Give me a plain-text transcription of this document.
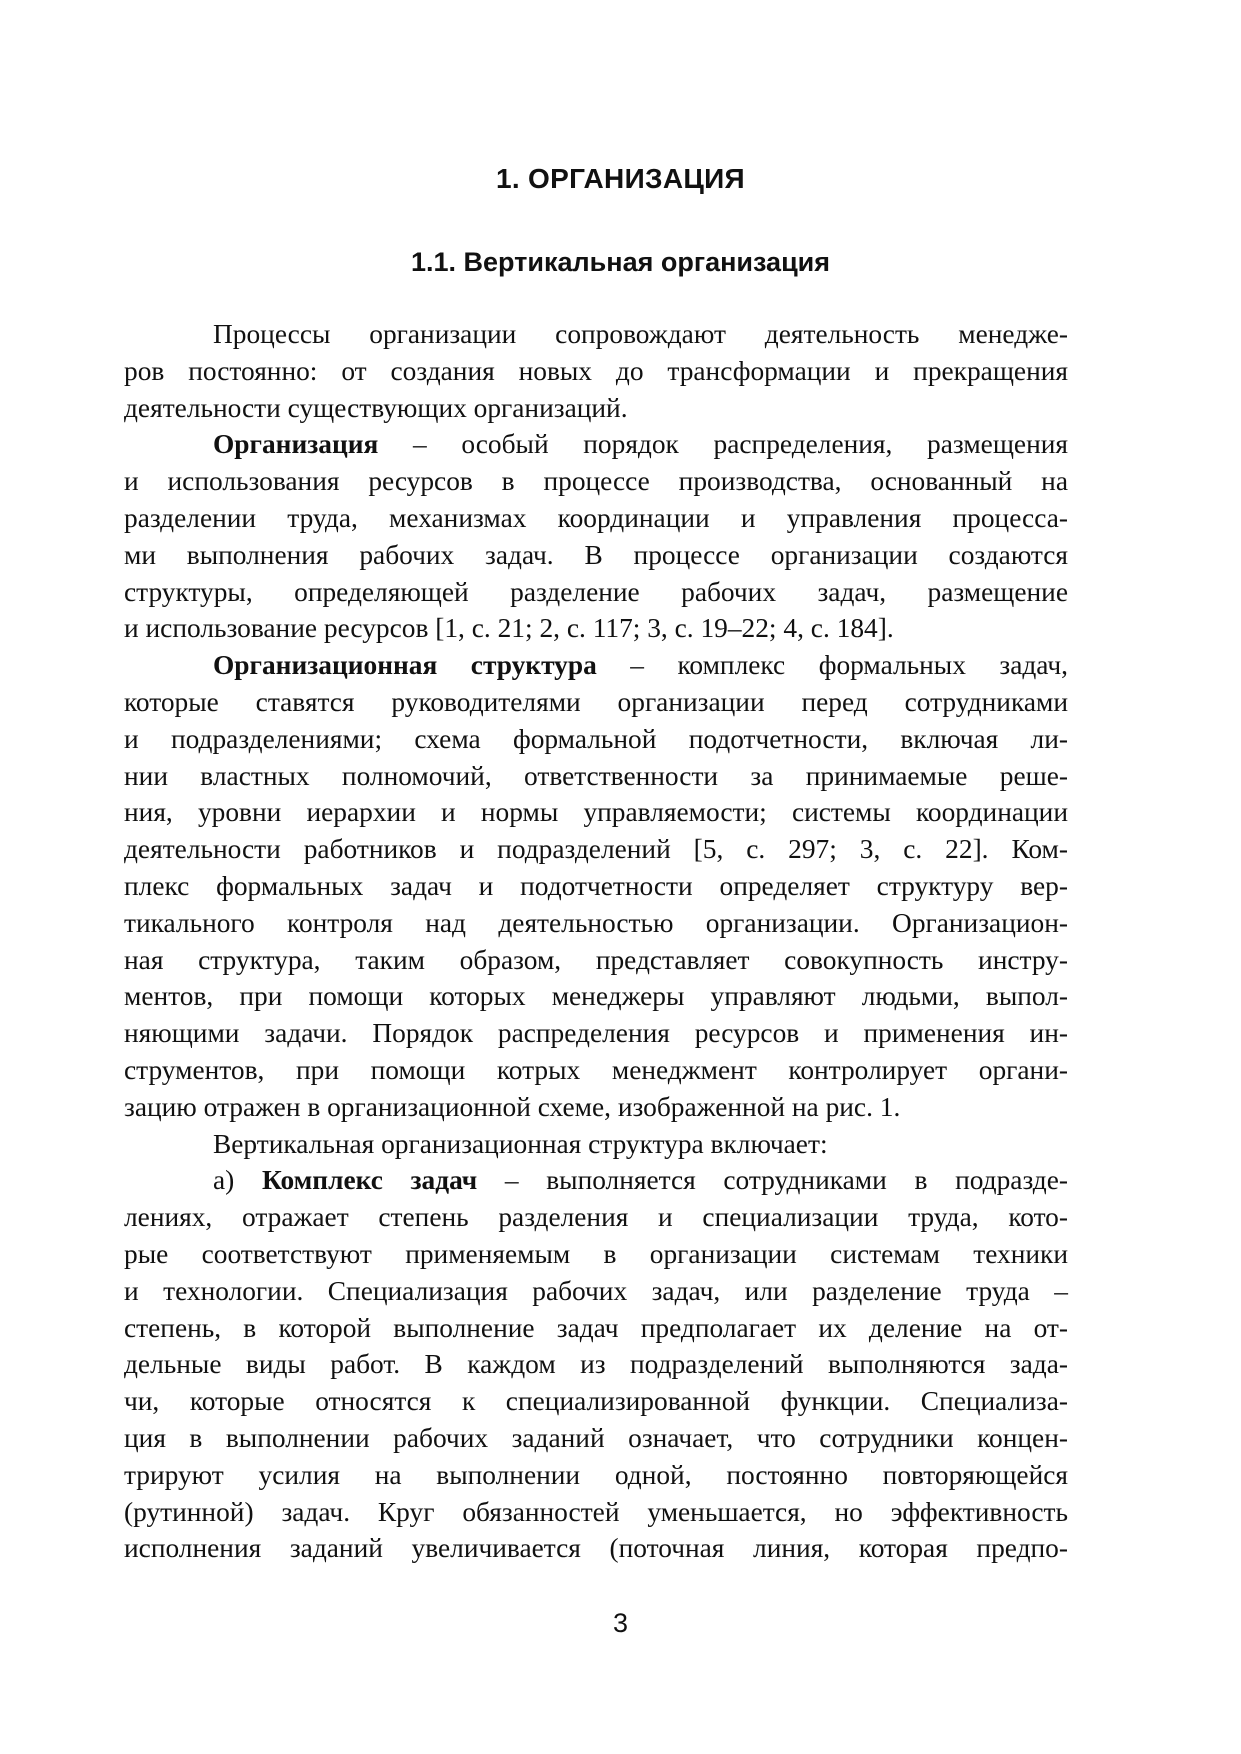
1. ОРГАНИЗАЦИЯ
1.1. Вертикальная организация
Процессы организации сопровождают деятельность менедже-
ров постоянно: от создания новых до трансформации и прекращения
деятельности существующих организаций.
Организация – особый порядок распределения, размещения
и использования ресурсов в процессе производства, основанный на
разделении труда, механизмах координации и управления процесса-
ми выполнения рабочих задач. В процессе организации создаются
структуры, определяющей разделение рабочих задач, размещение
и использование ресурсов [1, с. 21; 2, с. 117; 3, с. 19–22; 4, с. 184].
Организационная структура – комплекс формальных задач,
которые ставятся руководителями организации перед сотрудниками
и подразделениями; схема формальной подотчетности, включая ли-
нии властных полномочий, ответственности за принимаемые реше-
ния, уровни иерархии и нормы управляемости; системы координации
деятельности работников и подразделений [5, с. 297; 3, с. 22]. Ком-
плекс формальных задач и подотчетности определяет структуру вер-
тикального контроля над деятельностью организации. Организацион-
ная структура, таким образом, представляет совокупность инстру-
ментов, при помощи которых менеджеры управляют людьми, выпол-
няющими задачи. Порядок распределения ресурсов и применения ин-
струментов, при помощи котрых менеджмент контролирует органи-
зацию отражен в организационной схеме, изображенной на рис. 1.
Вертикальная организационная структура включает:
а) Комплекс задач – выполняется сотрудниками в подразде-
лениях, отражает степень разделения и специализации труда, кото-
рые соответствуют применяемым в организации системам техники
и технологии. Специализация рабочих задач, или разделение труда –
степень, в которой выполнение задач предполагает их деление на от-
дельные виды работ. В каждом из подразделений выполняются зада-
чи, которые относятся к специализированной функции. Специализа-
ция в выполнении рабочих заданий означает, что сотрудники концен-
трируют усилия на выполнении одной, постоянно повторяющейся
(рутинной) задач. Круг обязанностей уменьшается, но эффективность
исполнения заданий увеличивается (поточная линия, которая предпо-
3
